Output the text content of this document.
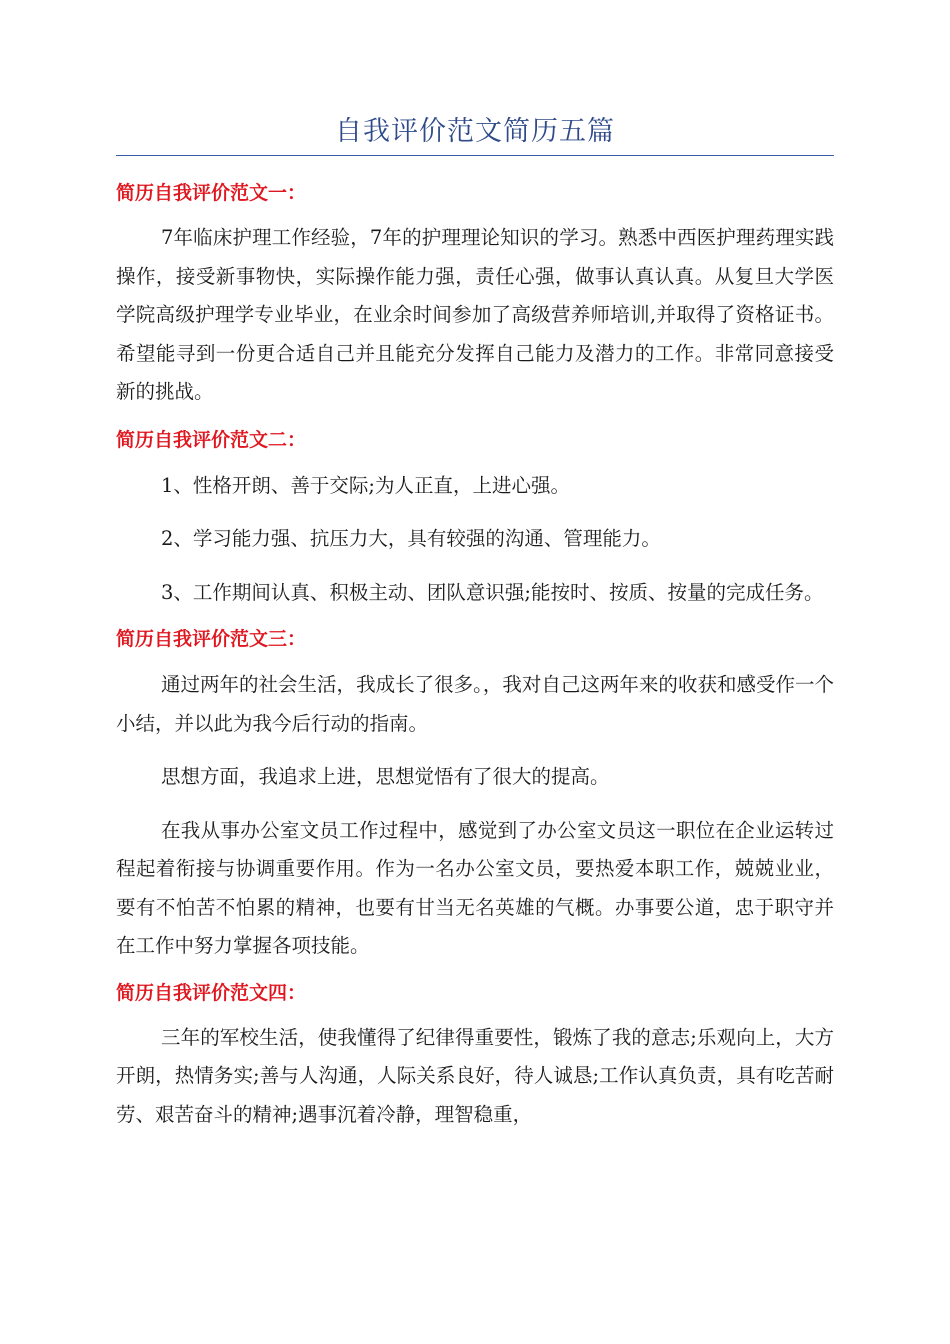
自我评价范文简历五篇

简历自我评价范文一：

7年临床护理工作经验，7年的护理理论知识的学习。熟悉中西医护理药理实践操作，接受新事物快，实际操作能力强，责任心强，做事认真认真。从复旦大学医学院高级护理学专业毕业，在业余时间参加了高级营养师培训,并取得了资格证书。希望能寻到一份更合适自己并且能充分发挥自己能力及潜力的工作。非常同意接受新的挑战。

简历自我评价范文二：

1、性格开朗、善于交际;为人正直，上进心强。

2、学习能力强、抗压力大，具有较强的沟通、管理能力。

3、工作期间认真、积极主动、团队意识强;能按时、按质、按量的完成任务。

简历自我评价范文三：

通过两年的社会生活，我成长了很多。，我对自己这两年来的收获和感受作一个小结，并以此为我今后行动的指南。

思想方面，我追求上进，思想觉悟有了很大的提高。

在我从事办公室文员工作过程中，感觉到了办公室文员这一职位在企业运转过程起着衔接与协调重要作用。作为一名办公室文员，要热爱本职工作，兢兢业业，要有不怕苦不怕累的精神，也要有甘当无名英雄的气概。办事要公道，忠于职守并在工作中努力掌握各项技能。

简历自我评价范文四：

三年的军校生活，使我懂得了纪律得重要性，锻炼了我的意志;乐观向上，大方开朗，热情务实;善与人沟通，人际关系良好，待人诚恳;工作认真负责，具有吃苦耐劳、艰苦奋斗的精神;遇事沉着冷静，理智稳重，
